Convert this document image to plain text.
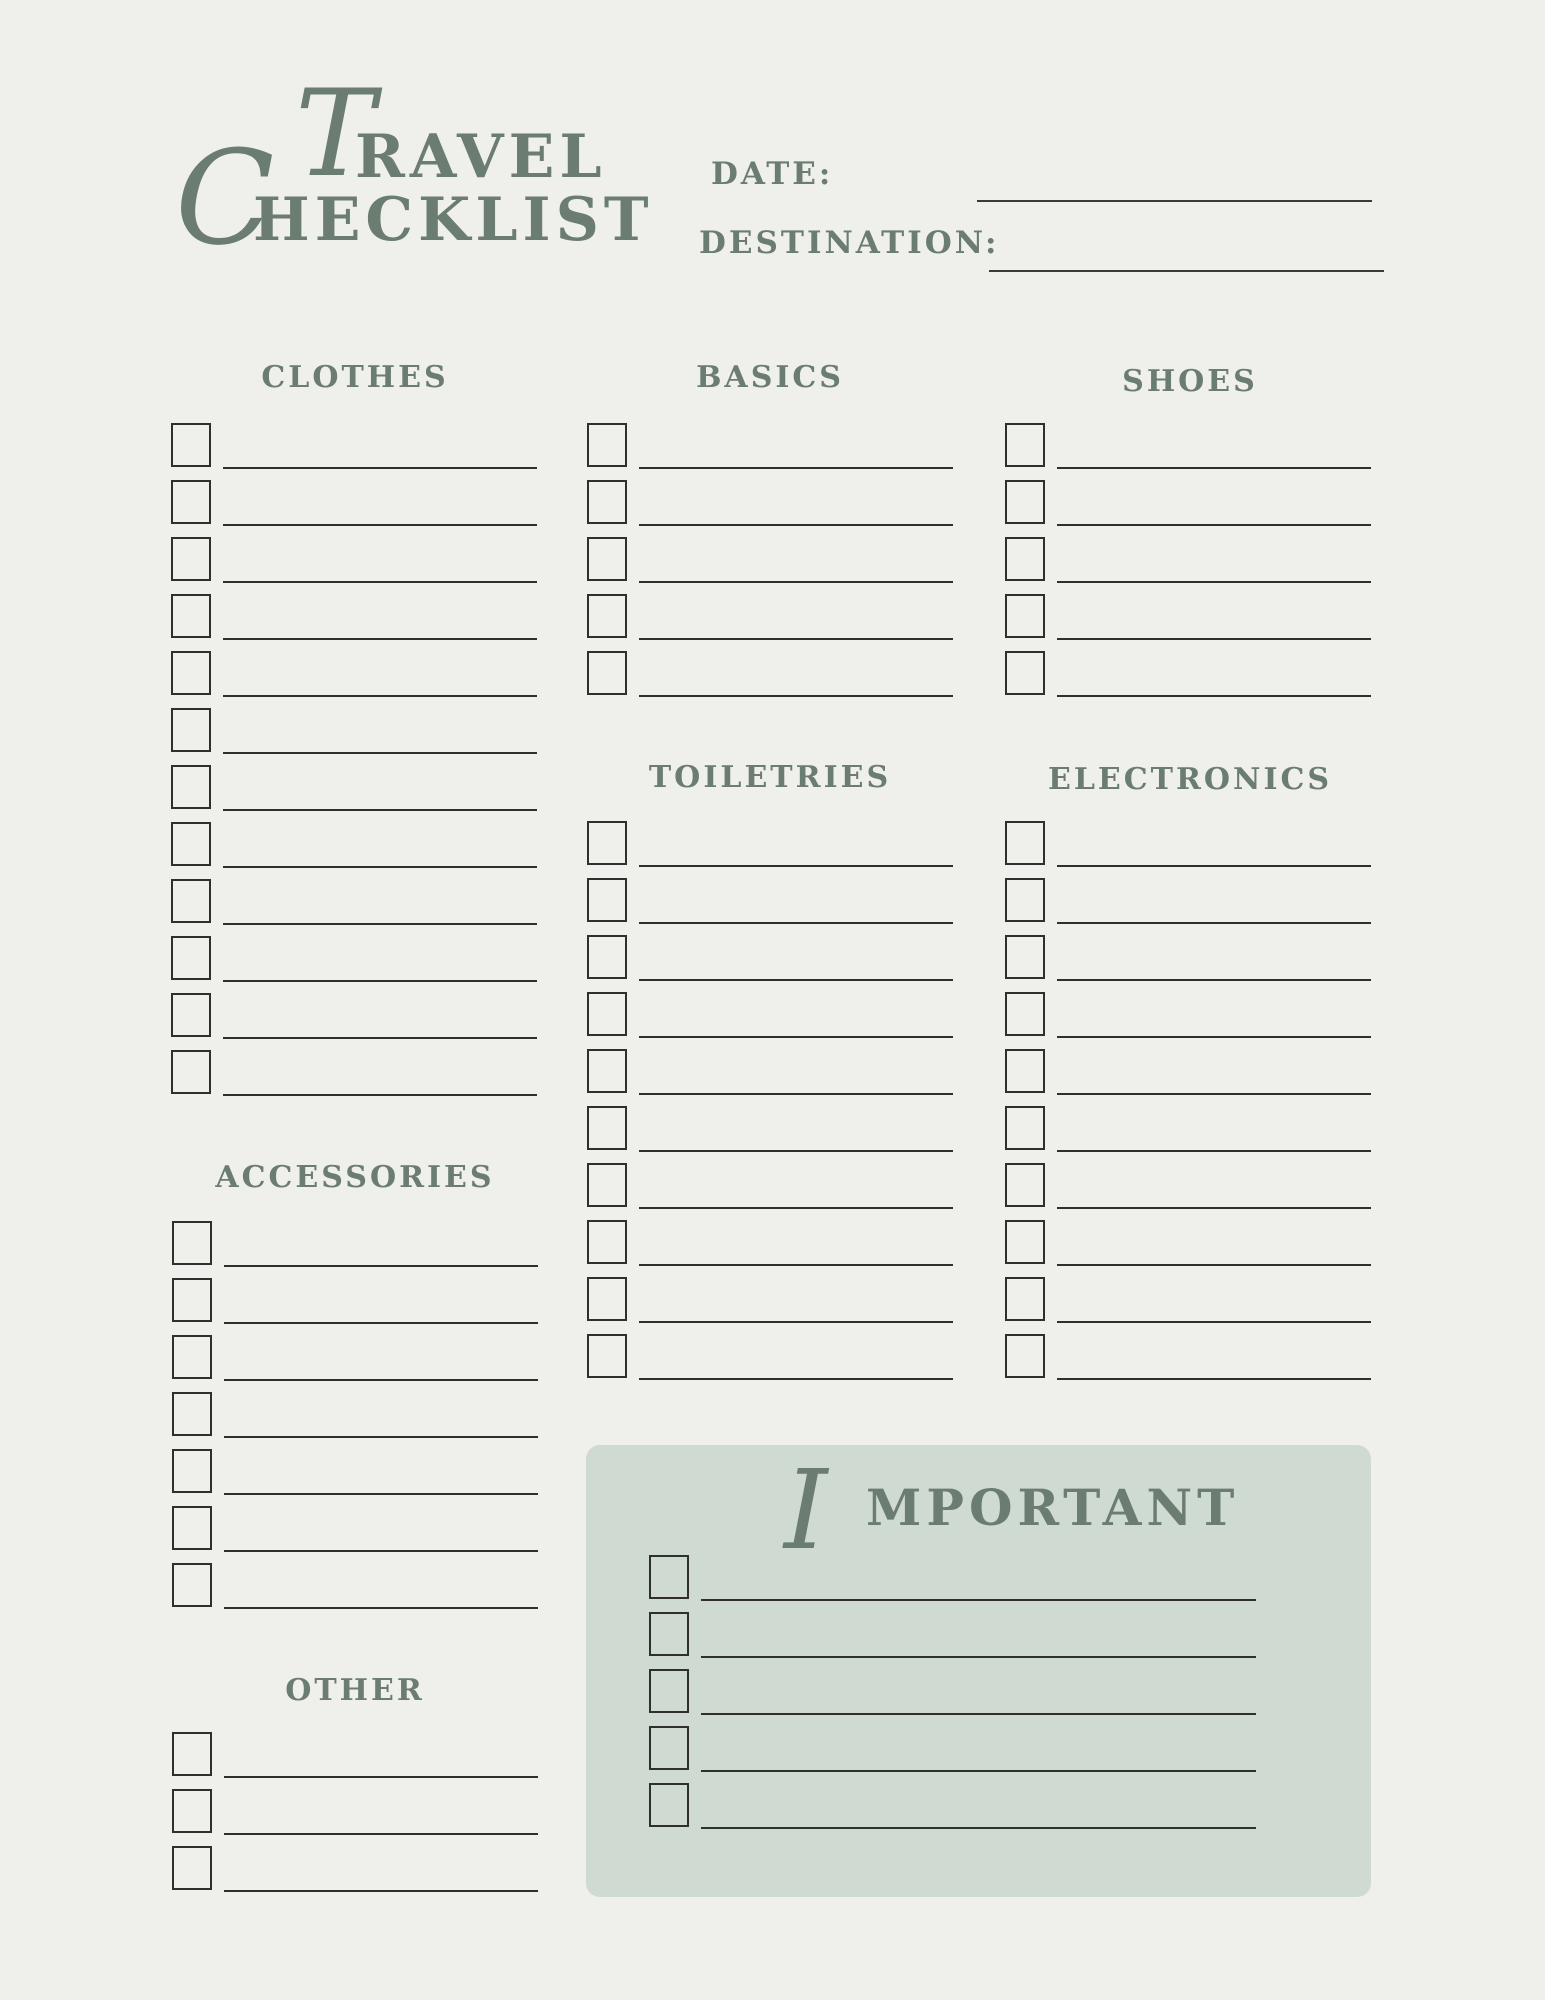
T
RAVEL
C
HECKLIST
DATE:
DESTINATION:
CLOTHES	BASICS	SHOES
TOILETRIES	ELECTRONICS
ACCESSORIES
OTHER
I MPORTANT
